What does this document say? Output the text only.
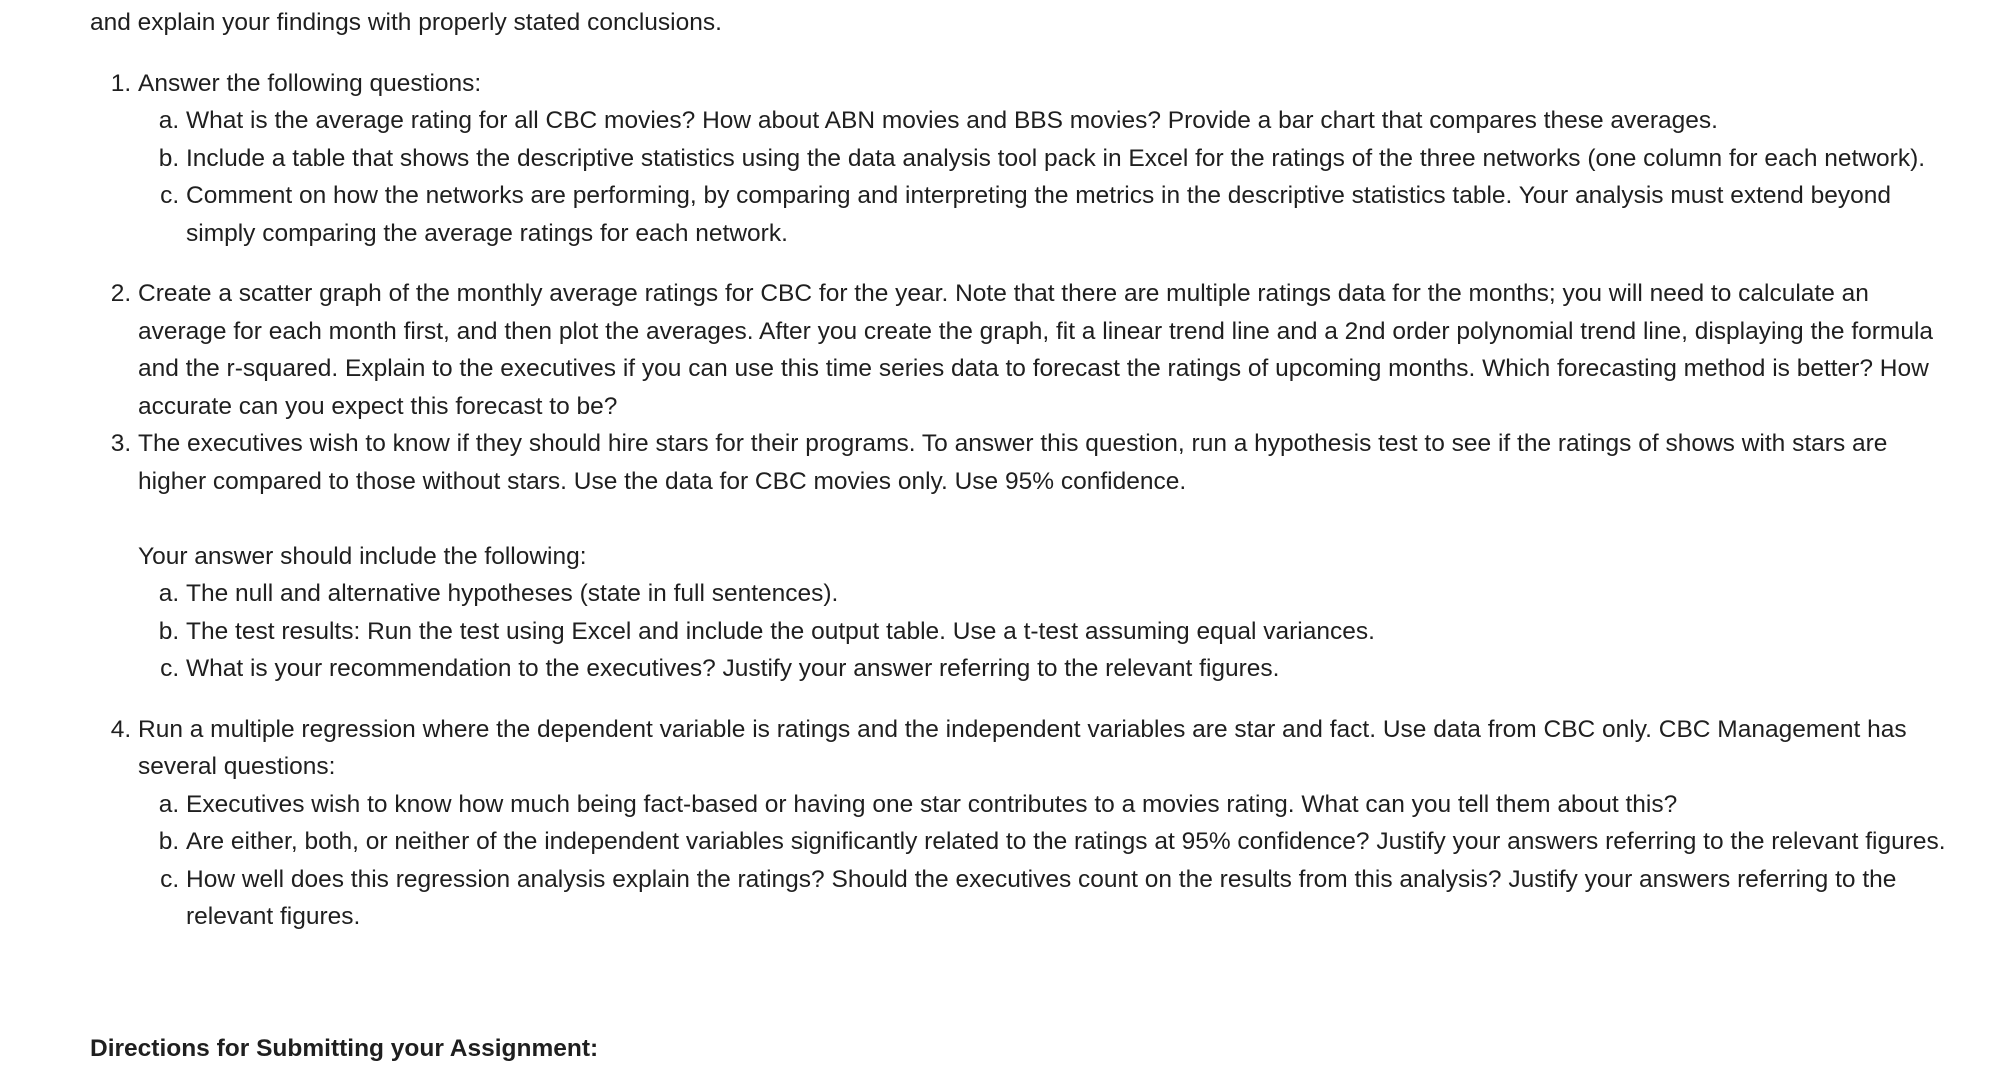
and explain your findings with properly stated conclusions.

1. Answer the following questions:
a. What is the average rating for all CBC movies? How about ABN movies and BBS movies? Provide a bar chart that compares these averages.
b. Include a table that shows the descriptive statistics using the data analysis tool pack in Excel for the ratings of the three networks (one column for each network).
c. Comment on how the networks are performing, by comparing and interpreting the metrics in the descriptive statistics table. Your analysis must extend beyond simply comparing the average ratings for each network.
2. Create a scatter graph of the monthly average ratings for CBC for the year. Note that there are multiple ratings data for the months; you will need to calculate an average for each month first, and then plot the averages. After you create the graph, fit a linear trend line and a 2nd order polynomial trend line, displaying the formula and the r-squared. Explain to the executives if you can use this time series data to forecast the ratings of upcoming months. Which forecasting method is better? How accurate can you expect this forecast to be?
3. The executives wish to know if they should hire stars for their programs. To answer this question, run a hypothesis test to see if the ratings of shows with stars are higher compared to those without stars. Use the data for CBC movies only. Use 95% confidence.
Your answer should include the following:
a. The null and alternative hypotheses (state in full sentences).
b. The test results: Run the test using Excel and include the output table. Use a t-test assuming equal variances.
c. What is your recommendation to the executives? Justify your answer referring to the relevant figures.
4. Run a multiple regression where the dependent variable is ratings and the independent variables are star and fact. Use data from CBC only. CBC Management has several questions:
a. Executives wish to know how much being fact-based or having one star contributes to a movies rating. What can you tell them about this?
b. Are either, both, or neither of the independent variables significantly related to the ratings at 95% confidence? Justify your answers referring to the relevant figures.
c. How well does this regression analysis explain the ratings? Should the executives count on the results from this analysis? Justify your answers referring to the relevant figures.

Directions for Submitting your Assignment:
